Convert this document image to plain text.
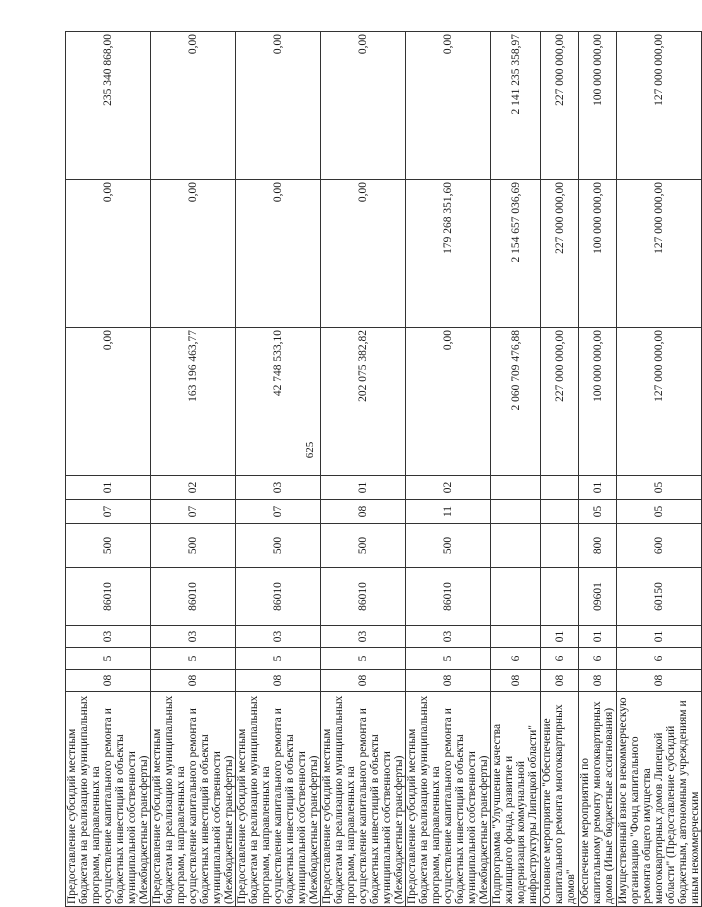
625
Предоставление субсидий местным бюджетам на реализацию муниципальных программ, направленных на осуществление капитального ремонта и бюджетных инвестиций в объекты муниципальной собственности (Межбюджетные трансферты)	08	5	03	86010	500	07	01	0,00	0,00	235 340 868,00
Предоставление субсидий местным бюджетам на реализацию муниципальных программ, направленных на осуществление капитального ремонта и бюджетных инвестиций в объекты муниципальной собственности (Межбюджетные трансферты)	08	5	03	86010	500	07	02	163 196 463,77	0,00	0,00
Предоставление субсидий местным бюджетам на реализацию муниципальных программ, направленных на осуществление капитального ремонта и бюджетных инвестиций в объекты муниципальной собственности (Межбюджетные трансферты)	08	5	03	86010	500	07	03	42 748 533,10	0,00	0,00
Предоставление субсидий местным бюджетам на реализацию муниципальных программ, направленных на осуществление капитального ремонта и бюджетных инвестиций в объекты муниципальной собственности (Межбюджетные трансферты)	08	5	03	86010	500	08	01	202 075 382,82	0,00	0,00
Предоставление субсидий местным бюджетам на реализацию муниципальных программ, направленных на осуществление капитального ремонта и бюджетных инвестиций в объекты муниципальной собственности (Межбюджетные трансферты)	08	5	03	86010	500	11	02	0,00	179 268 351,60	0,00
Подпрограмма "Улучшение качества жилищного фонда, развитие и модернизация коммунальной инфраструктуры Липецкой области"	08	6						2 060 709 476,88	2 154 657 036,69	2 141 235 358,97
Основное мероприятие "Обеспечение капитального ремонта многоквартирных домов"	08	6	01					227 000 000,00	227 000 000,00	227 000 000,00
Обеспечение мероприятий по капитальному ремонту многоквартирных домов (Иные бюджетные ассигнования)	08	6	01	09601	800	05	01	100 000 000,00	100 000 000,00	100 000 000,00
Имущественный взнос в некоммерческую организацию "Фонд капитального ремонта общего имущества многоквартирных домов Липецкой области" (Предоставление субсидий бюджетным, автономным учреждениям и иным некоммерческим	08	6	01	60150	600	05	05	127 000 000,00	127 000 000,00	127 000 000,00
